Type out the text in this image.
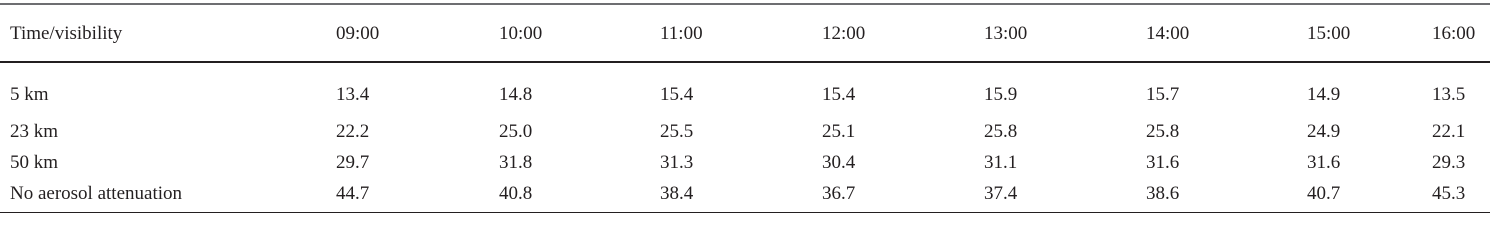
Time/visibility	09:00	10:00	11:00	12:00	13:00	14:00	15:00	16:00
5 km	13.4	14.8	15.4	15.4	15.9	15.7	14.9	13.5
23 km	22.2	25.0	25.5	25.1	25.8	25.8	24.9	22.1
50 km	29.7	31.8	31.3	30.4	31.1	31.6	31.6	29.3
No aerosol attenuation	44.7	40.8	38.4	36.7	37.4	38.6	40.7	45.3
